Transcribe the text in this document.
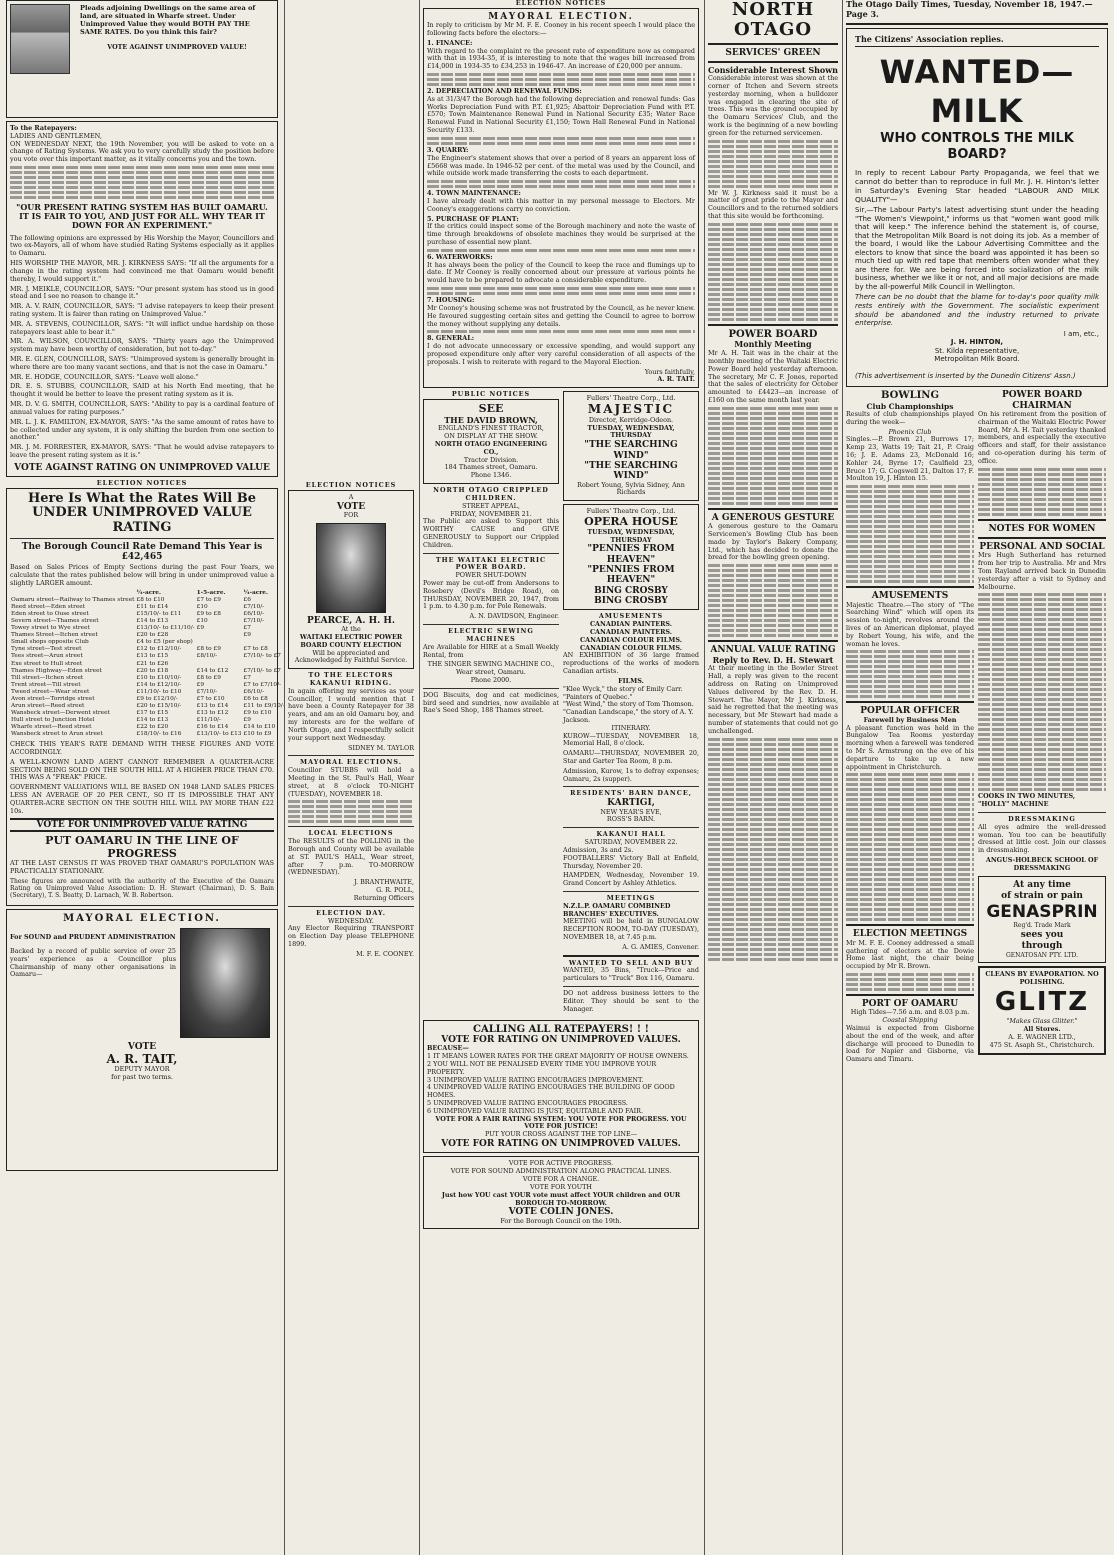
Pleads adjoining Dwellings on the same area of land, are situated in Wharfe street. Under Unimproved Value they would BOTH PAY THE SAME RATES. Do you think this fair?
VOTE AGAINST UNIMPROVED VALUE!
To the Ratepayers:
LADIES AND GENTLEMEN,

ON WEDNESDAY NEXT, the 19th November, you will be asked to vote on a change of Rating Systems. We ask you to very carefully study the position before you vote over this important matter, as it vitally concerns you and the town.

"OUR PRESENT RATING SYSTEM HAS BUILT OAMARU. IT IS FAIR TO YOU, AND JUST FOR ALL. WHY TEAR IT DOWN FOR AN EXPERIMENT."

The following opinions are expressed by His Worship the Mayor, Councillors and two ex-Mayors, all of whom have studied Rating Systems especially as it applies to Oamaru.

HIS WORSHIP THE MAYOR, MR. J. KIRKNESS SAYS: "If all the arguments for a change in the rating system had convinced me that Oamaru would benefit thereby, I would support it."

MR. J. MEIKLE, COUNCILLOR, SAYS: "Our present system has stood us in good stead and I see no reason to change it."

MR. A. V. RAIN, COUNCILLOR, SAYS: "I advise ratepayers to keep their present rating system. It is fairer than rating on Unimproved Value."

MR. A. STEVENS, COUNCILLOR, SAYS: "It will inflict undue hardship on those ratepayers least able to bear it."

MR. A. WILSON, COUNCILLOR, SAYS: "Thirty years ago the Unimproved system may have been worthy of consideration, but not to-day."

MR. E. GLEN, COUNCILLOR, SAYS: "Unimproved system is generally brought in where there are too many vacant sections, and that is not the case in Oamaru."

MR. E. HODGE, COUNCILLOR, SAYS: "Leave well alone."

DR. E. S. STUBBS, COUNCILLOR, SAID at his North End meeting, that he thought it would be better to leave the present rating system as it is.

MR. D. V. G. SMITH, COUNCILLOR, SAYS: "Ability to pay is a cardinal feature of annual values for rating purposes."

MR. L. J. K. FAMILTON, EX-MAYOR, SAYS: "As the same amount of rates have to be collected under any system, it is only shifting the burden from one section to another."

MR. J. M. FORRESTER, EX-MAYOR, SAYS: "That he would advise ratepayers to leave the present rating system as it is."

VOTE AGAINST RATING ON UNIMPROVED VALUE
ELECTION NOTICES
Here Is What the Rates Will Be UNDER UNIMPROVED VALUE RATING
The Borough Council Rate Demand This Year is £42,465

Based on Sales Prices of Empty Sections during the past Four Years, we calculate that the rates published below will bring in under unimproved value a slightly LARGER amount.

	¼-acre.	1-5-acre.	¼-acre.
Oamaru street—Railway to Thames street	£8 to £10	£7 to £9	£6
Reed street—Eden street	£11 to £14	£10	£7/10/-
Eden street to Ouse street	£15/10/- to £11	£9 to £8	£6/10/-
Severn street—Thames street	£14 to £13	£10	£7/10/-
Towey street to Wye street	£13/10/- to £11/10/-	£9	£7
Thames Street—Itchen street	£20 to £28		£9
Small shops opposite Club	£4 to £5 (per shop)		
Tyne street—Test street	£12 to £12/10/-	£8 to £9	£7 to £8
Tees street—Arun street	£13 to £15	£8/10/-	£7/10/- to £7
Exe street to Hull street	£21 to £26		
Thames Highway—Eden street	£20 to £18	£14 to £12	£7/10/- to £7
Till street—Itchen street	£10 to £10/10/-	£8 to £9	£7
Trent street—Till street	£14 to £12/10/-	£9	£7 to £7/10/-
Tweed street—Wear street	£11/10/- to £10	£7/10/-	£6/10/-
Avon street—Torridge street	£9 to £12/10/-	£7 to £10	£6 to £8
Arun street—Reed street	£20 to £15/10/-	£13 to £14	£11 to £9/10/-
Wansbeck street—Derwent street	£17 to £15	£13 to £12	£9 to £10
Hull street to Junction Hotel	£14 to £13	£11/10/-	£9
Wharfe street—Reed street	£22 to £20	£16 to £14	£14 to £10
Wansbeck street to Arun street	£18/10/- to £16	£13/10/- to £13	£10 to £9

CHECK THIS YEAR'S RATE DEMAND WITH THESE FIGURES AND VOTE ACCORDINGLY.

A WELL-KNOWN LAND AGENT CANNOT REMEMBER A QUARTER-ACRE SECTION BEING SOLD ON THE SOUTH HILL AT A HIGHER PRICE THAN £70. THIS WAS A "FREAK" PRICE.

GOVERNMENT VALUATIONS WILL BE BASED ON 1948 LAND SALES PRICES LESS AN AVERAGE OF 20 PER CENT., SO IT IS IMPOSSIBLE THAT ANY QUARTER-ACRE SECTION ON THE SOUTH HILL WILL PAY MORE THAN £22 10s.

VOTE FOR UNIMPROVED VALUE RATING
PUT OAMARU IN THE LINE OF PROGRESS

AT THE LAST CENSUS IT WAS PROVED THAT OAMARU'S POPULATION WAS PRACTICALLY STATIONARY.

These figures are announced with the authority of the Executive of the Oamaru Rating on Unimproved Value Association: D. H. Stewart (Chairman), D. S. Bain (Secretary), T. S. Beatty, D. Larnach, W. B. Robertson.

MAYORAL ELECTION.
For SOUND and PRUDENT ADMINISTRATION

Backed by a record of public service of over 25 years' experience as a Councillor plus Chairmanship of many other organisations in Oamaru—

VOTE
A. R. TAIT,
DEPUTY MAYOR
for past two terms.
ELECTION NOTICES
A
VOTE
FOR
PEARCE, A. H. H.
At the
WAITAKI ELECTRIC POWER BOARD COUNTY ELECTION
Will be appreciated and Acknowledged by Faithful Service.
TO THE ELECTORS KAKANUI RIDING.

In again offering my services as your Councillor, I would mention that I have been a County Ratepayer for 38 years, and am an old Oamaru boy, and my interests are for the welfare of North Otago, and I respectfully solicit your support next Wednesday.

SIDNEY M. TAYLOR
MAYORAL ELECTIONS.

Councillor STUBBS will hold a Meeting in the St. Paul's Hall, Wear street, at 8 o'clock TO-NIGHT (TUESDAY), NOVEMBER 18.

LOCAL ELECTIONS

The RESULTS of the POLLING in the Borough and County will be available at ST. PAUL'S HALL, Wear street, after 7 p.m. TO-MORROW (WEDNESDAY).

J. BRANTHWAITE,
G. R. POLL,
Returning Officers
ELECTION DAY.
WEDNESDAY.

Any Elector Requiring TRANSPORT on Election Day please TELEPHONE 1899.

M. F. E. COONEY.
ELECTION NOTICES
MAYORAL ELECTION.

In reply to criticism by Mr M. F. E. Cooney in his recent speech I would place the following facts before the electors:—

1. FINANCE:

With regard to the complaint re the present rate of expenditure now as compared with that in 1934-35, it is interesting to note that the wages bill increased from £14,000 in 1934-35 to £34,253 in 1946-47. An increase of £20,000 per annum.

2. DEPRECIATION AND RENEWAL FUNDS:

As at 31/3/47 the Borough had the following depreciation and renewal funds: Gas Works Depreciation Fund with P.T. £1,925; Abattoir Depreciation Fund with P.T. £570; Town Maintenance Renewal Fund in National Security £35; Water Race Renewal Fund in National Security £1,150; Town Hall Renewal Fund in National Security £133.

3. QUARRY:

The Engineer's statement shows that over a period of 8 years an apparent loss of £5668 was made. In 1946-52 per cent. of the metal was used by the Council, and while outside work made transferring the costs to each department.

4. TOWN MAINTENANCE:

I have already dealt with this matter in my personal message to Electors. Mr Cooney's exaggerations carry no conviction.

5. PURCHASE OF PLANT:

If the critics could inspect some of the Borough machinery and note the waste of time through breakdowns of obsolete machines they would be surprised at the purchase of essential new plant.

6. WATERWORKS:

It has always been the policy of the Council to keep the race and flumings up to date. If Mr Cooney is really concerned about our pressure at various points he would have to be prepared to advocate a considerable expenditure.

7. HOUSING:

Mr Cooney's housing scheme was not frustrated by the Council, as he never knew. He favoured suggesting certain sites and getting the Council to agree to borrow the money without supplying any details.

8. GENERAL:

I do not advocate unnecessary or excessive spending, and would support any proposed expenditure only after very careful consideration of all aspects of the proposals. I wish to reiterate with regard to the Mayoral Election.

Yours faithfully,
A. R. TAIT.
PUBLIC NOTICES
SEE
THE DAVID BROWN,
ENGLAND'S FINEST TRACTOR,
ON DISPLAY AT THE SHOW.
NORTH OTAGO ENGINEERING CO.,
Tractor Division.
184 Thames street, Oamaru.
Phone 1346.
NORTH OTAGO CRIPPLED CHILDREN.
STREET APPEAL,
FRIDAY, NOVEMBER 21.

The Public are asked to Support this WORTHY CAUSE and GIVE GENEROUSLY to Support our Crippled Children.

THE WAITAKI ELECTRIC POWER BOARD.
POWER SHUT-DOWN

Power may be cut-off from Andersons to Rosebery (Devil's Bridge Road), on THURSDAY, NOVEMBER 20, 1947, from 1 p.m. to 4.30 p.m. for Pole Renewals.

A. N. DAVIDSON, Engineer.
ELECTRIC SEWING MACHINES

Are Available for HIRE at a Small Weekly Rental, from

THE SINGER SEWING MACHINE CO., Wear street, Oamaru.
Phone 2000.

DOG Biscuits, dog and cat medicines, bird seed and sundries, now available at Rae's Seed Shop, 188 Thames street.

Fullers' Theatre Corp., Ltd.
MAJESTIC
Director, Kerridge-Odeon.
TUESDAY, WEDNESDAY, THURSDAY
"THE SEARCHING WIND"
"THE SEARCHING WIND"
Robert Young, Sylvia Sidney, Ann Richards
Fullers' Theatre Corp., Ltd.
OPERA HOUSE
TUESDAY, WEDNESDAY, THURSDAY
"PENNIES FROM HEAVEN"
"PENNIES FROM HEAVEN"
BING CROSBY
BING CROSBY
AMUSEMENTS
CANADIAN PAINTERS.
CANADIAN PAINTERS.
CANADIAN COLOUR FILMS.
CANADIAN COLOUR FILMS.

AN EXHIBITION of 36 large framed reproductions of the works of modern Canadian artists.

FILMS.
"Klee Wyck," the story of Emily Carr.
"Painters of Quebec."
"West Wind," the story of Tom Thomson.
"Canadian Landscape," the story of A. Y. Jackson.
ITINERARY.

KUROW—TUESDAY, NOVEMBER 18, Memorial Hall, 8 o'clock.

OAMARU—THURSDAY, NOVEMBER 20, Star and Garter Tea Room, 8 p.m.

Admission, Kurow, 1s to defray expenses; Oamaru, 2s (supper).

RESIDENTS' BARN DANCE,
KARTIGI,
NEW YEAR'S EVE,
ROSS'S BARN.
KAKANUI HALL
SATURDAY, NOVEMBER 22.
Admission, 3s and 2s.

FOOTBALLERS' Victory Ball at Enfield, Thursday, November 20.

HAMPDEN, Wednesday, November 19. Grand Concert by Ashley Athletics.

MEETINGS
N.Z.L.P. OAMARU COMBINED BRANCHES' EXECUTIVES.

MEETING will be held in BUNGALOW RECEPTION ROOM, TO-DAY (TUESDAY), NOVEMBER 18, at 7.45 p.m.

A. G. AMIES, Convener.
WANTED TO SELL AND BUY

WANTED, 35 Bins, "Truck—Price and particulars to "Truck" Box 116, Oamaru.

DO not address business letters to the Editor. They should be sent to the Manager.

CALLING ALL RATEPAYERS! ! !
VOTE FOR RATING ON UNIMPROVED VALUES.
BECAUSE—
1 IT MEANS LOWER RATES FOR THE GREAT MAJORITY OF HOUSE OWNERS.
2 YOU WILL NOT BE PENALISED EVERY TIME YOU IMPROVE YOUR PROPERTY.
3 UNIMPROVED VALUE RATING ENCOURAGES IMPROVEMENT.
4 UNIMPROVED VALUE RATING ENCOURAGES THE BUILDING OF GOOD HOMES.
5 UNIMPROVED VALUE RATING ENCOURAGES PROGRESS.
6 UNIMPROVED VALUE RATING IS JUST, EQUITABLE AND FAIR.
VOTE FOR A FAIR RATING SYSTEM: YOU VOTE FOR PROGRESS. YOU VOTE FOR JUSTICE!
PUT YOUR CROSS AGAINST THE TOP LINE—
VOTE FOR RATING ON UNIMPROVED VALUES.
VOTE FOR ACTIVE PROGRESS.
VOTE FOR SOUND ADMINISTRATION ALONG PRACTICAL LINES.
VOTE FOR A CHANGE.
VOTE FOR YOUTH
Just how YOU cast YOUR vote must affect YOUR children and OUR BOROUGH TO-MORROW.
VOTE COLIN JONES.
For the Borough Council on the 19th.
NORTH OTAGO
SERVICES' GREEN
Considerable Interest Shown

Considerable interest was shown at the corner of Itchen and Severn streets yesterday morning, when a bulldozer was engaged in clearing the site of trees. This was the ground occupied by the Oamaru Services' Club, and the work is the beginning of a new bowling green for the returned servicemen.

Mr W. J. Kirkness said it must be a matter of great pride to the Mayor and Councillors and to the returned soldiers that this site would be forthcoming.

POWER BOARD
Monthly Meeting

Mr A. H. Tait was in the chair at the monthly meeting of the Waitaki Electric Power Board held yesterday afternoon. The secretary, Mr C. F. Jones, reported that the sales of electricity for October amounted to £4423—an increase of £160 on the same month last year.

A GENEROUS GESTURE

A generous gesture to the Oamaru Servicemen's Bowling Club has been made by Taylor's Bakery Company, Ltd., which has decided to donate the bread for the bowling green opening.

ANNUAL VALUE RATING
Reply to Rev. D. H. Stewart

At their meeting in the Bowler Street Hall, a reply was given to the recent address on Rating on Unimproved Values delivered by the Rev. D. H. Stewart. The Mayor, Mr J. Kirkness, said he regretted that the meeting was necessary, but Mr Stewart had made a number of statements that could not go unchallenged.

The Otago Daily Times, Tuesday, November 18, 1947.—Page 3.
The Citizens' Association replies.
WANTED—MILK
WHO CONTROLS THE MILK BOARD?

In reply to recent Labour Party Propaganda, we feel that we cannot do better than to reproduce in full Mr. J. H. Hinton's letter in Saturday's Evening Star headed "LABOUR AND MILK QUALITY"—

Sir,—The Labour Party's latest advertising stunt under the heading "The Women's Viewpoint," informs us that "women want good milk that will keep." The inference behind the statement is, of course, that the Metropolitan Milk Board is not doing its job. As a member of the board, I would like the Labour Advertising Committee and the electors to know that since the board was appointed it has been so much tied up with red tape that members often wonder what they are there for. We are being forced into socialization of the milk business, whether we like it or not, and all major decisions are made by the all-powerful Milk Council in Wellington.

There can be no doubt that the blame for to-day's poor quality milk rests entirely with the Government. The socialistic experiment should be abandoned and the industry returned to private enterprise.

I am, etc.,
J. H. HINTON,
St. Kilda representative,
Metropolitan Milk Board.
(This advertisement is inserted by the Dunedin Citizens' Assn.)
BOWLING
Club Championships

Results of club championships played during the week—

Phoenix Club

Singles.—P. Brown 21, Burrows 17; Kemp 23, Watts 19; Tait 21, P. Craig 16; J. E. Adams 23, McDonald 16; Kohler 24, Byrne 17; Caulfield 23, Bruce 17; G. Cogswell 21, Dalton 17; F. Moulton 19, J. Hinton 15.

AMUSEMENTS

Majestic Theatre.—The story of "The Searching Wind" which will open its session to-night, revolves around the lives of an American diplomat, played by Robert Young, his wife, and the woman he loves.

POPULAR OFFICER
Farewell by Business Men

A pleasant function was held in the Bungalow Tea Rooms yesterday morning when a farewell was tendered to Mr S. Armstrong on the eve of his departure to take up a new appointment in Christchurch.

ELECTION MEETINGS

Mr M. F. E. Cooney addressed a small gathering of electors at the Dowie Home last night, the chair being occupied by Mr R. Brown.

PORT OF OAMARU
High Tides—7.56 a.m. and 8.03 p.m.
Coastal Shipping

Waimui is expected from Gisborne about the end of the week, and after discharge will proceed to Dunedin to load for Napier and Gisborne, via Oamaru and Timaru.

POWER BOARD CHAIRMAN

On his retirement from the position of chairman of the Waitaki Electric Power Board, Mr A. H. Tait yesterday thanked members, and especially the executive officers and staff, for their assistance and co-operation during his term of office.

NOTES FOR WOMEN
PERSONAL AND SOCIAL

Mrs Hugh Sutherland has returned from her trip to Australia. Mr and Mrs Tom Rayland arrived back in Dunedin yesterday after a visit to Sydney and Melbourne.

COOKS IN TWO MINUTES, "HOLLY" MACHINE
DRESSMAKING

All eyes admire the well-dressed woman. You too can be beautifully dressed at little cost. Join our classes in dressmaking.

ANGUS-HOLBECK SCHOOL OF DRESSMAKING
At any time
of strain or pain
GENASPRIN
Reg'd. Trade Mark
sees you
through
GENATOSAN PTY. LTD.
CLEANS BY EVAPORATION. NO POLISHING.
GLITZ
"Makes Glass Glitter."
All Stores.
A. E. WAGNER LTD.,
475 St. Asaph St., Christchurch.
